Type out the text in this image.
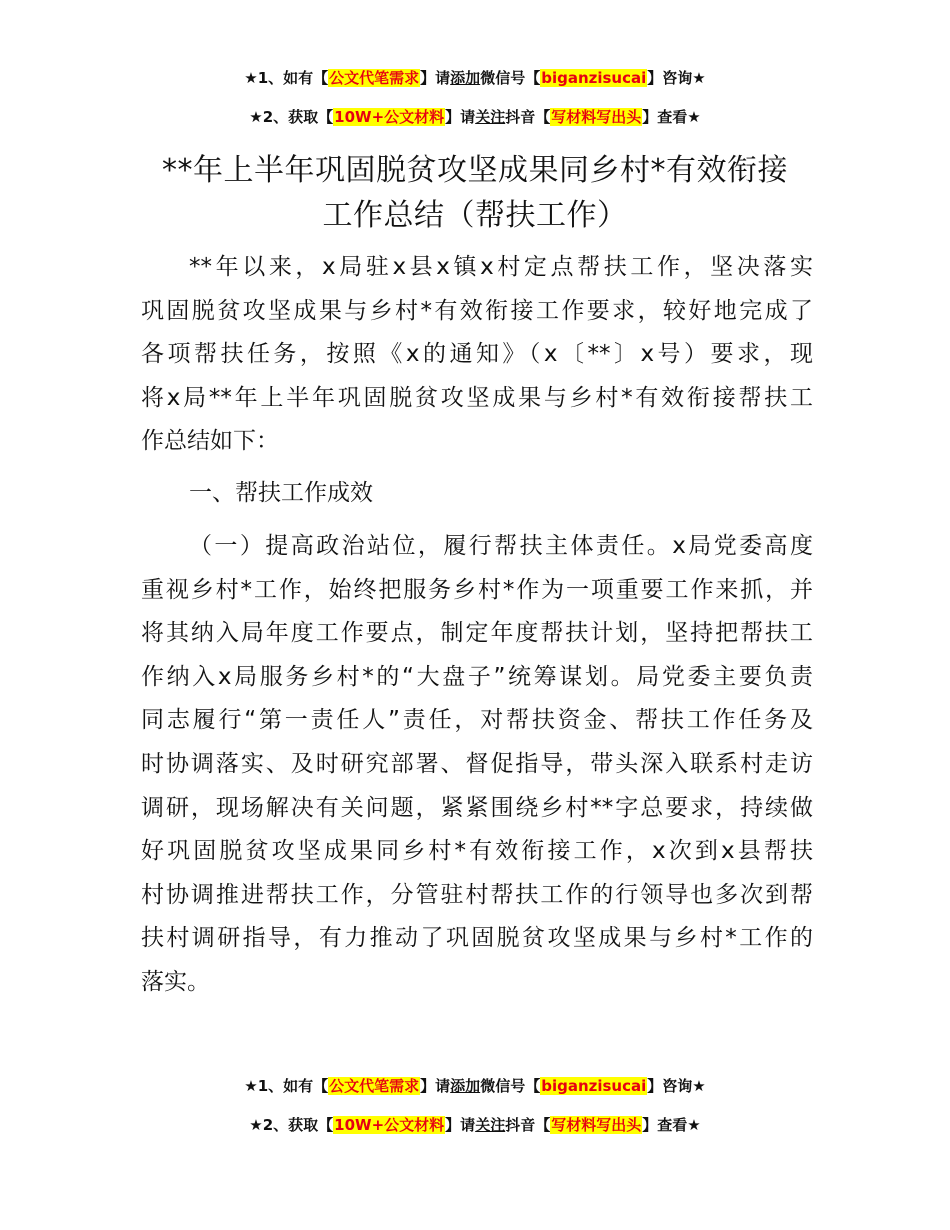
★1、如有【公文代笔需求】请添加微信号【biganzisucai】咨询★
★2、获取【10W+公文材料】请关注抖音【写材料写出头】查看★
**年上半年巩固脱贫攻坚成果同乡村*有效衔接
工作总结（帮扶工作）

**年以来，x局驻x县x镇x村定点帮扶工作，坚决落实
巩固脱贫攻坚成果与乡村*有效衔接工作要求，较好地完成了
各项帮扶任务，按照《x的通知》（x〔**〕x号）要求，现
将x局**年上半年巩固脱贫攻坚成果与乡村*有效衔接帮扶工
作总结如下：

一、帮扶工作成效

（一）提高政治站位，履行帮扶主体责任。x局党委高度
重视乡村*工作，始终把服务乡村*作为一项重要工作来抓，并
将其纳入局年度工作要点，制定年度帮扶计划，坚持把帮扶工
作纳入x局服务乡村*的“大盘子”统筹谋划。局党委主要负责
同志履行“第一责任人”责任，对帮扶资金、帮扶工作任务及
时协调落实、及时研究部署、督促指导，带头深入联系村走访
调研，现场解决有关问题，紧紧围绕乡村**字总要求，持续做
好巩固脱贫攻坚成果同乡村*有效衔接工作，x次到x县帮扶
村协调推进帮扶工作，分管驻村帮扶工作的行领导也多次到帮
扶村调研指导，有力推动了巩固脱贫攻坚成果与乡村*工作的
落实。

★1、如有【公文代笔需求】请添加微信号【biganzisucai】咨询★
★2、获取【10W+公文材料】请关注抖音【写材料写出头】查看★
